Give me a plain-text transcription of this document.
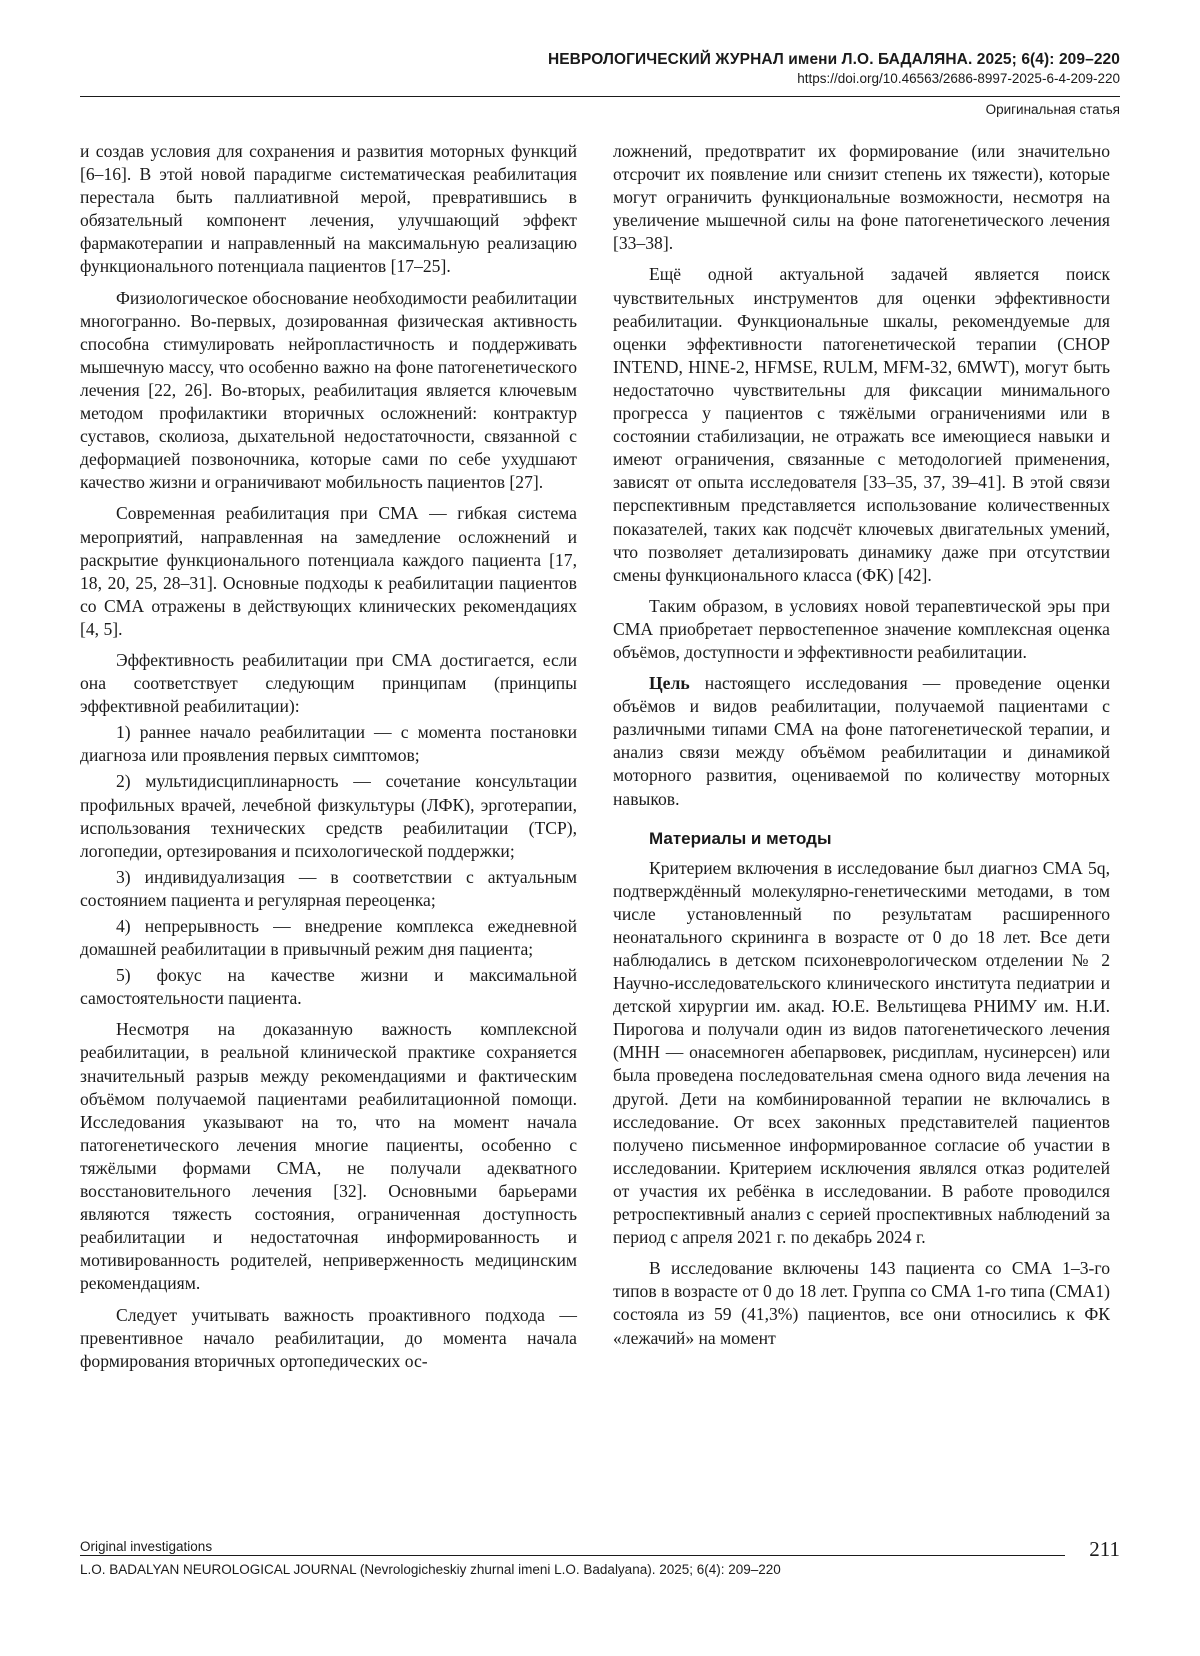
НЕВРОЛОГИЧЕСКИЙ ЖУРНАЛ имени Л.О. БАДАЛЯНА. 2025; 6(4): 209–220
https://doi.org/10.46563/2686-8997-2025-6-4-209-220
Оригинальная статья

и создав условия для сохранения и развития моторных функций [6–16]. В этой новой парадигме систематическая реабилитация перестала быть паллиативной мерой, превратившись в обязательный компонент лечения, улучшающий эффект фармакотерапии и направленный на максимальную реализацию функционального потенциала пациентов [17–25].

Физиологическое обоснование необходимости реабилитации многогранно. Во-первых, дозированная физическая активность способна стимулировать нейропластичность и поддерживать мышечную массу, что особенно важно на фоне патогенетического лечения [22, 26]. Во-вторых, реабилитация является ключевым методом профилактики вторичных осложнений: контрактур суставов, сколиоза, дыхательной недостаточности, связанной с деформацией позвоночника, которые сами по себе ухудшают качество жизни и ограничивают мобильность пациентов [27].

Современная реабилитация при СМА — гибкая система мероприятий, направленная на замедление осложнений и раскрытие функционального потенциала каждого пациента [17, 18, 20, 25, 28–31]. Основные подходы к реабилитации пациентов со СМА отражены в действующих клинических рекомендациях [4, 5].

Эффективность реабилитации при СМА достигается, если она соответствует следующим принципам (принципы эффективной реабилитации):

1) раннее начало реабилитации — с момента постановки диагноза или проявления первых симптомов;

2) мультидисциплинарность — сочетание консультации профильных врачей, лечебной физкультуры (ЛФК), эрготерапии, использования технических средств реабилитации (ТСР), логопедии, ортезирования и психологической поддержки;

3) индивидуализация — в соответствии с актуальным состоянием пациента и регулярная переоценка;

4) непрерывность — внедрение комплекса ежедневной домашней реабилитации в привычный режим дня пациента;

5) фокус на качестве жизни и максимальной самостоятельности пациента.

Несмотря на доказанную важность комплексной реабилитации, в реальной клинической практике сохраняется значительный разрыв между рекомендациями и фактическим объёмом получаемой пациентами реабилитационной помощи. Исследования указывают на то, что на момент начала патогенетического лечения многие пациенты, особенно с тяжёлыми формами СМА, не получали адекватного восстановительного лечения [32]. Основными барьерами являются тяжесть состояния, ограниченная доступность реабилитации и недостаточная информированность и мотивированность родителей, неприверженность медицинским рекомендациям.

Следует учитывать важность проактивного подхода — превентивное начало реабилитации, до момента начала формирования вторичных ортопедических ос-

ложнений, предотвратит их формирование (или значительно отсрочит их появление или снизит степень их тяжести), которые могут ограничить функциональные возможности, несмотря на увеличение мышечной силы на фоне патогенетического лечения [33–38].

Ещё одной актуальной задачей является поиск чувствительных инструментов для оценки эффективности реабилитации. Функциональные шкалы, рекомендуемые для оценки эффективности патогенетической терапии (CHOP INTEND, HINE-2, HFMSE, RULM, MFM-32, 6MWT), могут быть недостаточно чувствительны для фиксации минимального прогресса у пациентов с тяжёлыми ограничениями или в состоянии стабилизации, не отражать все имеющиеся навыки и имеют ограничения, связанные с методологией применения, зависят от опыта исследователя [33–35, 37, 39–41]. В этой связи перспективным представляется использование количественных показателей, таких как подсчёт ключевых двигательных умений, что позволяет детализировать динамику даже при отсутствии смены функционального класса (ФК) [42].

Таким образом, в условиях новой терапевтической эры при СМА приобретает первостепенное значение комплексная оценка объёмов, доступности и эффективности реабилитации.

Цель настоящего исследования — проведение оценки объёмов и видов реабилитации, получаемой пациентами с различными типами СМА на фоне патогенетической терапии, и анализ связи между объёмом реабилитации и динамикой моторного развития, оцениваемой по количеству моторных навыков.

Материалы и методы

Критерием включения в исследование был диагноз СМА 5q, подтверждённый молекулярно-генетическими методами, в том числе установленный по результатам расширенного неонатального скрининга в возрасте от 0 до 18 лет. Все дети наблюдались в детском психоневрологическом отделении № 2 Научно-исследовательского клинического института педиатрии и детской хирургии им. акад. Ю.Е. Вельтищева РНИМУ им. Н.И. Пирогова и получали один из видов патогенетического лечения (МНН — онасемноген абепарвовек, рисдиплам, нусинерсен) или была проведена последовательная смена одного вида лечения на другой. Дети на комбинированной терапии не включались в исследование. От всех законных представителей пациентов получено письменное информированное согласие об участии в исследовании. Критерием исключения являлся отказ родителей от участия их ребёнка в исследовании. В работе проводился ретроспективный анализ с серией проспективных наблюдений за период с апреля 2021 г. по декабрь 2024 г.

В исследование включены 143 пациента со СМА 1–3-го типов в возрасте от 0 до 18 лет. Группа со СМА 1-го типа (СМА1) состояла из 59 (41,3%) пациентов, все они относились к ФК «лежачий» на момент

Original investigations	211
L.O. BADALYAN NEUROLOGICAL JOURNAL (Nevrologicheskiy zhurnal imeni L.O. Badalyana). 2025; 6(4): 209–220
